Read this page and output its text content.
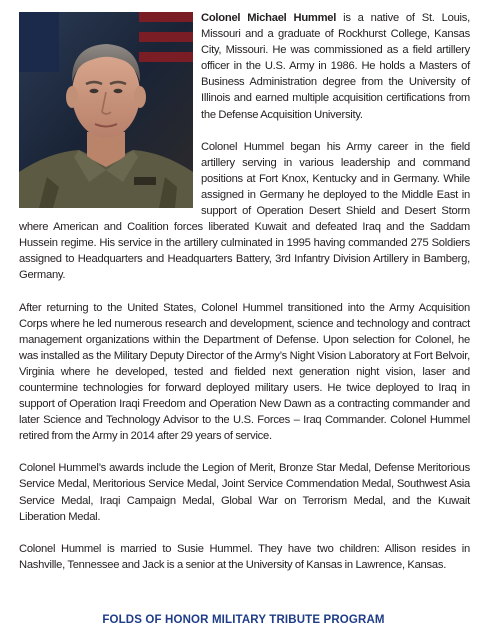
Colonel Michael Hummel is a native of St. Louis, Missouri and a graduate of Rockhurst College, Kansas City, Missouri. He was commissioned as a field artillery officer in the U.S. Army in 1986. He holds a Masters of Business Administration degree from the University of Illinois and earned multiple acquisition certifications from the Defense Acquisition University.

Colonel Hummel began his Army career in the field artillery serving in various leadership and command positions at Fort Knox, Kentucky and in Germany. While assigned in Germany he deployed to the Middle East in support of Operation Desert Shield and Desert Storm where American and Coalition forces liberated Kuwait and defeated Iraq and the Saddam Hussein regime. His service in the artillery culminated in 1995 having commanded 275 Soldiers assigned to Headquarters and Headquarters Battery, 3rd Infantry Division Artillery in Bamberg, Germany.

After returning to the United States, Colonel Hummel transitioned into the Army Acquisition Corps where he led numerous research and development, science and technology and contract management organizations within the Department of Defense. Upon selection for Colonel, he was installed as the Military Deputy Director of the Army’s Night Vision Laboratory at Fort Belvoir, Virginia where he developed, tested and fielded next generation night vision, laser and countermine technologies for forward deployed military users. He twice deployed to Iraq in support of Operation Iraqi Freedom and Operation New Dawn as a contracting commander and later Science and Technology Advisor to the U.S. Forces – Iraq Commander. Colonel Hummel retired from the Army in 2014 after 29 years of service.

Colonel Hummel’s awards include the Legion of Merit, Bronze Star Medal, Defense Meritorious Service Medal, Meritorious Service Medal, Joint Service Commendation Medal, Southwest Asia Service Medal, Iraqi Campaign Medal, Global War on Terrorism Medal, and the Kuwait Liberation Medal.

Colonel Hummel is married to Susie Hummel. They have two children: Allison resides in Nashville, Tennessee and Jack is a senior at the University of Kansas in Lawrence, Kansas.

FOLDS OF HONOR MILITARY TRIBUTE PROGRAM
